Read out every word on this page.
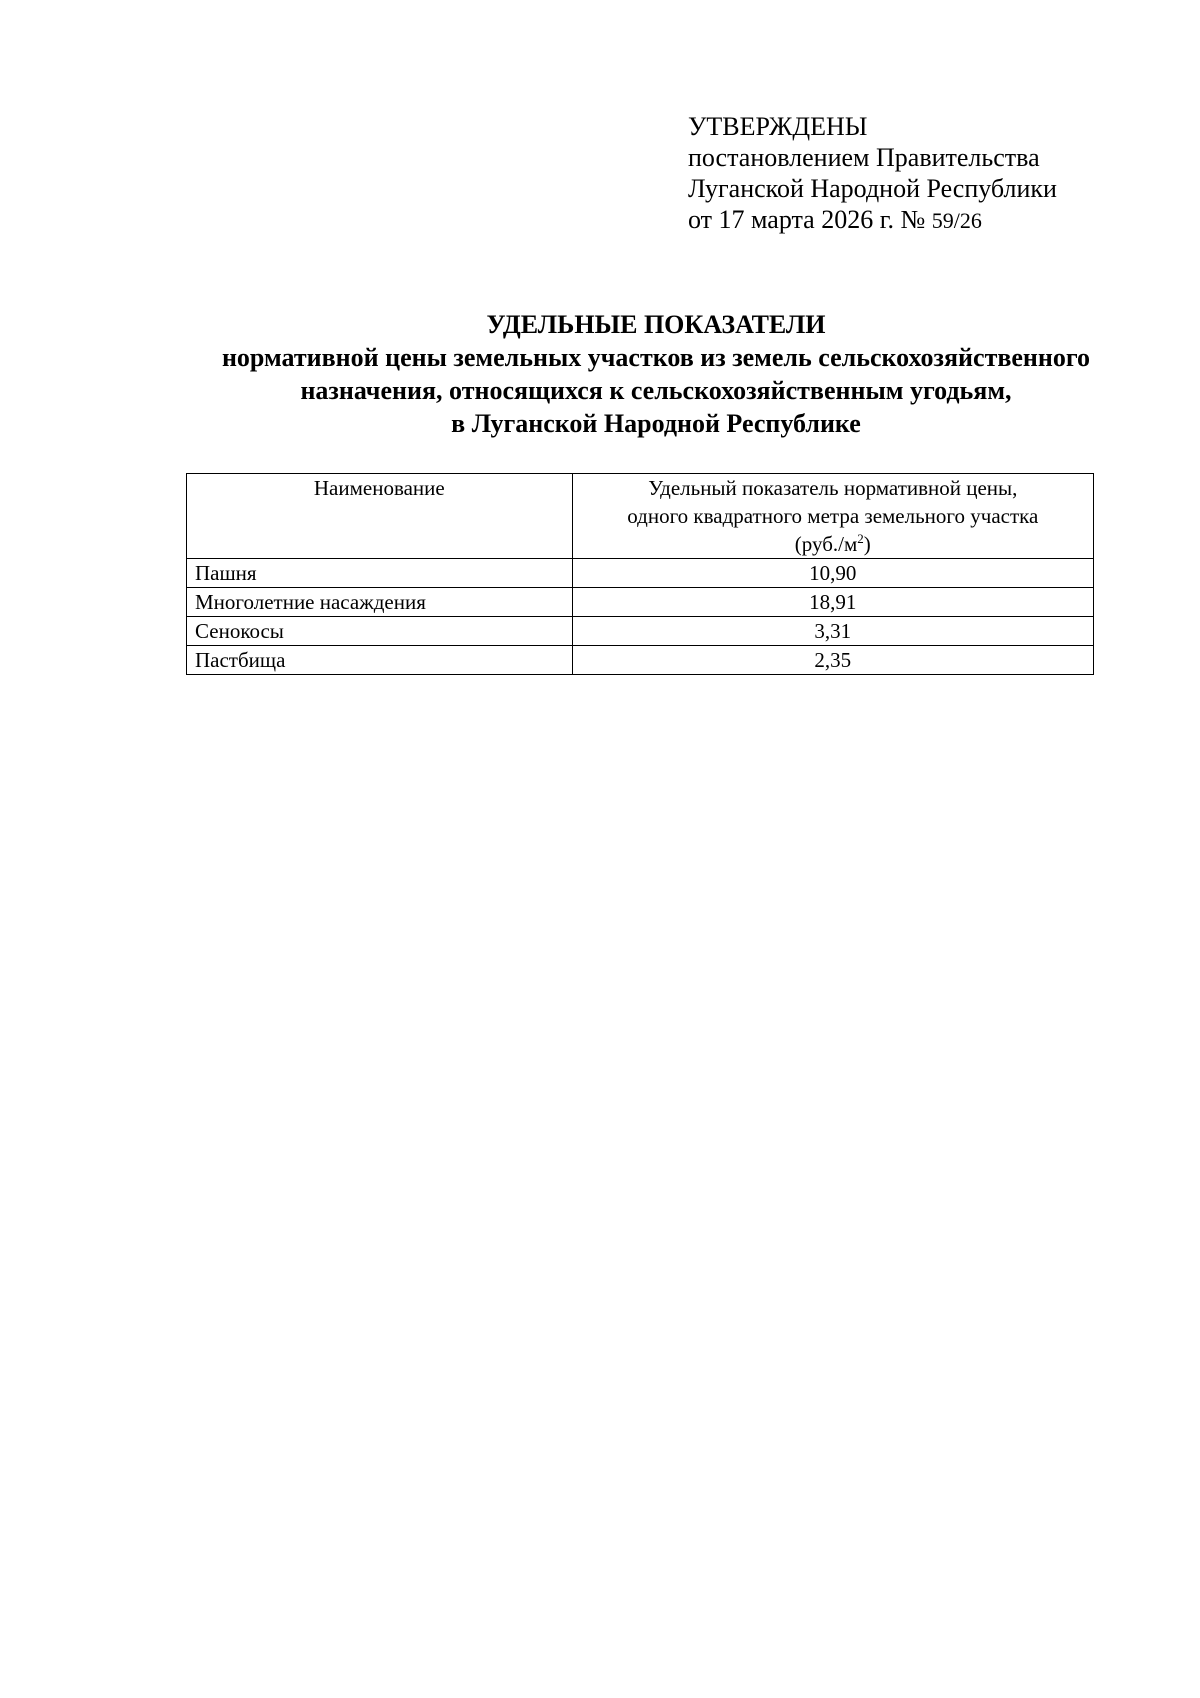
УТВЕРЖДЕНЫ
постановлением Правительства
Луганской Народной Республики
от 17 марта 2026 г. № 59/26
УДЕЛЬНЫЕ ПОКАЗАТЕЛИ
нормативной цены земельных участков из земель сельскохозяйственного
назначения, относящихся к сельскохозяйственным угодьям,
в Луганской Народной Республике
Наименование	Удельный показатель нормативной цены,
одного квадратного метра земельного участка
$(руб./м^2)$

Пашня	10,90
Многолетние насаждения	18,91
Сенокосы	3,31
Пастбища	2,35
